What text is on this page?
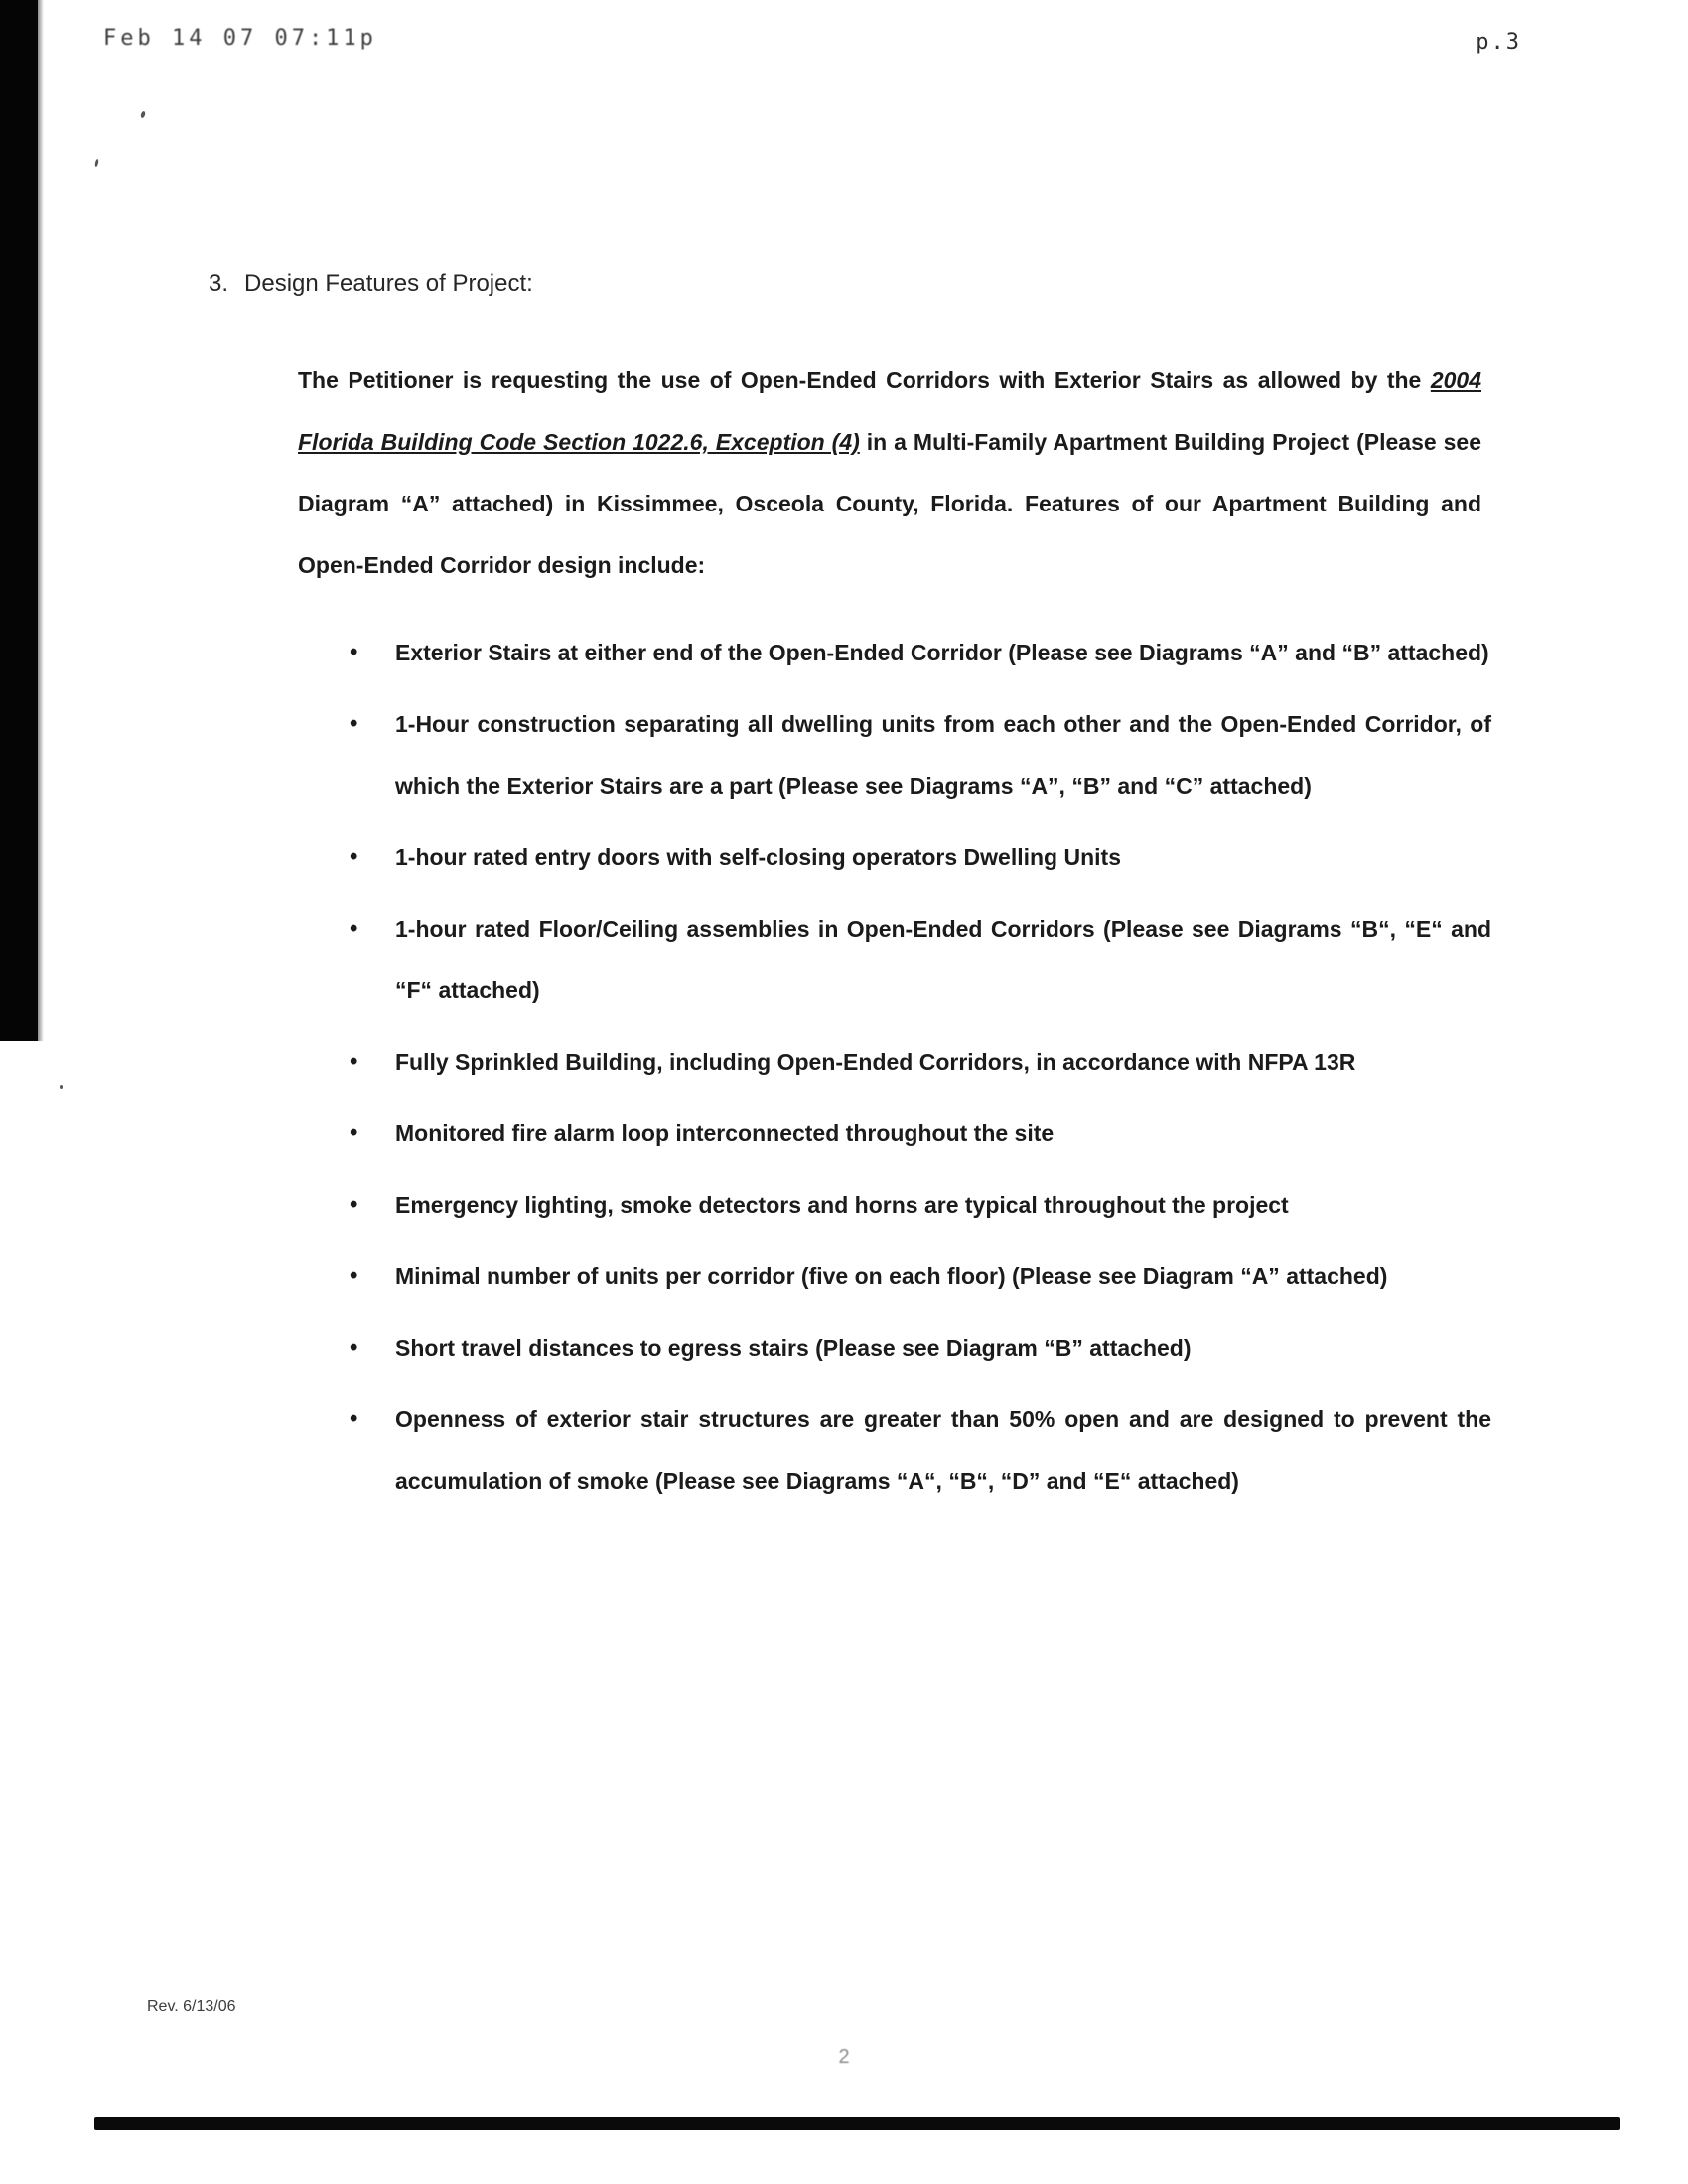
Feb 14 07 07:11p	p.3
3. Design Features of Project:

The Petitioner is requesting the use of Open-Ended Corridors with Exterior Stairs as allowed by the 2004 Florida Building Code Section 1022.6, Exception (4) in a Multi-Family Apartment Building Project (Please see Diagram “A” attached) in Kissimmee, Osceola County, Florida. Features of our Apartment Building and Open-Ended Corridor design include:

• Exterior Stairs at either end of the Open-Ended Corridor (Please see Diagrams “A” and “B” attached)
• 1-Hour construction separating all dwelling units from each other and the Open-Ended Corridor, of which the Exterior Stairs are a part (Please see Diagrams “A”, “B” and “C” attached)
• 1-hour rated entry doors with self-closing operators Dwelling Units
• 1-hour rated Floor/Ceiling assemblies in Open-Ended Corridors (Please see Diagrams “B“, “E“ and “F“ attached)
• Fully Sprinkled Building, including Open-Ended Corridors, in accordance with NFPA 13R
• Monitored fire alarm loop interconnected throughout the site
• Emergency lighting, smoke detectors and horns are typical throughout the project
• Minimal number of units per corridor (five on each floor) (Please see Diagram “A” attached)
• Short travel distances to egress stairs (Please see Diagram “B” attached)
• Openness of exterior stair structures are greater than 50% open and are designed to prevent the accumulation of smoke (Please see Diagrams “A“, “B“, “D” and “E“ attached)
Rev. 6/13/06
2
